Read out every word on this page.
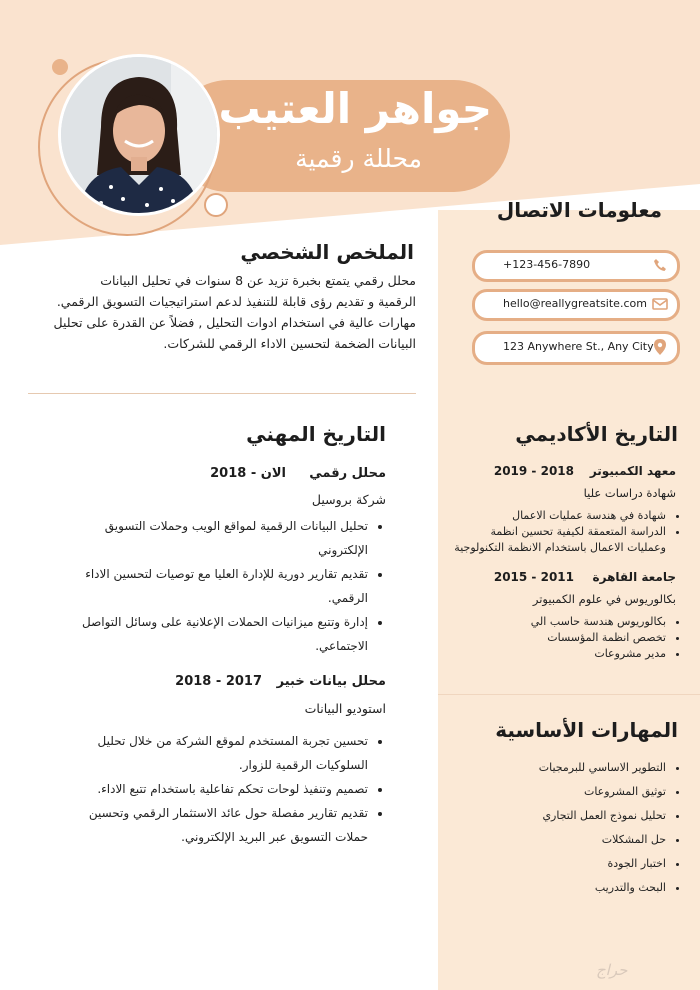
جواهر العتيب
محللة رقمية
معلومات الاتصال
+123-456-7890
hello@reallygreatsite.com
123 Anywhere St., Any City
الملخص الشخصي

محلل رقمي يتمتع بخبرة تزيد عن 8 سنوات في تحليل البيانات

الرقمية و تقديم رؤى قابلة للتنفيذ لدعم استراتيجيات التسويق الرقمي.

مهارات عالية في استخدام ادوات التحليل , فضلاً عن القدرة على تحليل

البيانات الضخمة لتحسين الاداء الرقمي للشركات.

التاريخ المهني
محلل رقمي
الان - 2018
شركة بروسيل
• تحليل البيانات الرقمية لمواقع الويب وحملات التسويق
الإلكتروني
• تقديم تقارير دورية للإدارة العليا مع توصيات لتحسين الاداء
الرقمي.
• إدارة وتتبع ميزانيات الحملات الإعلانية على وسائل التواصل
الاجتماعي.
محلل بيانات خبير
2017 - 2018
استوديو البيانات
• تحسين تجربة المستخدم لموقع الشركة من خلال تحليل
السلوكيات الرقمية للزوار.
• تصميم وتنفيذ لوحات تحكم تفاعلية باستخدام تتبع الاداء.
• تقديم تقارير مفصلة حول عائد الاستثمار الرقمي وتحسين
حملات التسويق عبر البريد الإلكتروني.
التاريخ الأكاديمي
معهد الكمبيوتر
2018 - 2019
شهادة دراسات عليا
• شهادة في هندسة عمليات الاعمال
• الدراسة المتعمقة لكيفية تحسين انظمة
وعمليات الاعمال باستخدام الانظمة التكنولوجية
جامعة القاهرة
2011 - 2015
بكالوريوس في علوم الكمبيوتر
• بكالوريوس هندسة حاسب الي
• تخصص انظمة المؤسسات
• مدير مشروعات
المهارات الأساسية
• التطوير الاساسي للبرمجيات
• توثيق المشروعات
• تحليل نموذج العمل التجاري
• حل المشكلات
• اختبار الجودة
• البحث والتدريب
حراج
